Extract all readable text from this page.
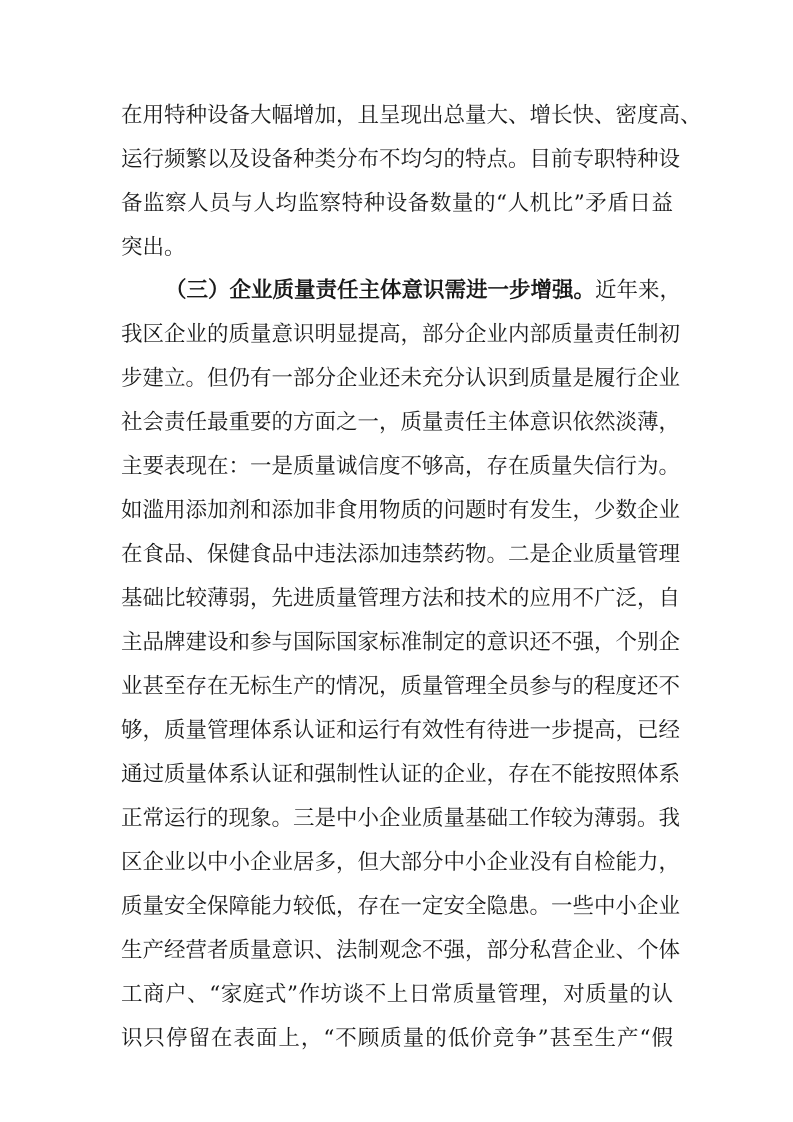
在用特种设备大幅增加，且呈现出总量大、增长快、密度高、
运行频繁以及设备种类分布不均匀的特点。目前专职特种设
备监察人员与人均监察特种设备数量的“人机比”矛盾日益
突出。
（三）企业质量责任主体意识需进一步增强。近年来，
我区企业的质量意识明显提高，部分企业内部质量责任制初
步建立。但仍有一部分企业还未充分认识到质量是履行企业
社会责任最重要的方面之一，质量责任主体意识依然淡薄，
主要表现在：一是质量诚信度不够高，存在质量失信行为。
如滥用添加剂和添加非食用物质的问题时有发生，少数企业
在食品、保健食品中违法添加违禁药物。二是企业质量管理
基础比较薄弱，先进质量管理方法和技术的应用不广泛，自
主品牌建设和参与国际国家标准制定的意识还不强，个别企
业甚至存在无标生产的情况，质量管理全员参与的程度还不
够，质量管理体系认证和运行有效性有待进一步提高，已经
通过质量体系认证和强制性认证的企业，存在不能按照体系
正常运行的现象。三是中小企业质量基础工作较为薄弱。我
区企业以中小企业居多，但大部分中小企业没有自检能力，
质量安全保障能力较低，存在一定安全隐患。一些中小企业
生产经营者质量意识、法制观念不强，部分私营企业、个体
工商户、“家庭式”作坊谈不上日常质量管理，对质量的认
识只停留在表面上，“不顾质量的低价竞争”甚至生产“假
